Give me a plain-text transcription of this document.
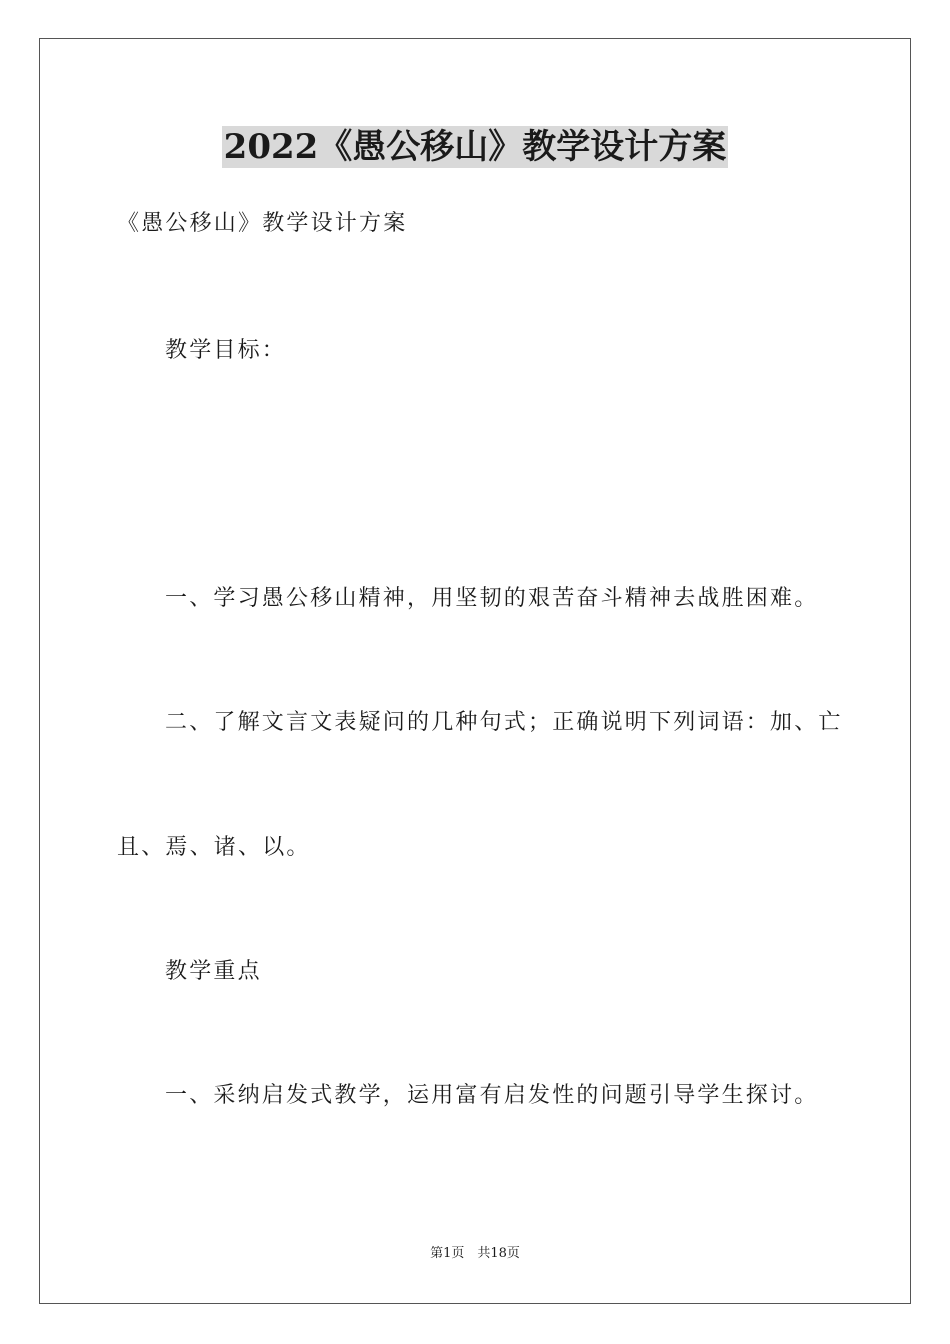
2022《愚公移山》教学设计方案
《愚公移山》教学设计方案
教学目标：
一、学习愚公移山精神，用坚韧的艰苦奋斗精神去战胜困难。
二、了解文言文表疑问的几种句式；正确说明下列词语：加、亡
且、焉、诸、以。
教学重点
一、采纳启发式教学，运用富有启发性的问题引导学生探讨。
第1页　共18页
